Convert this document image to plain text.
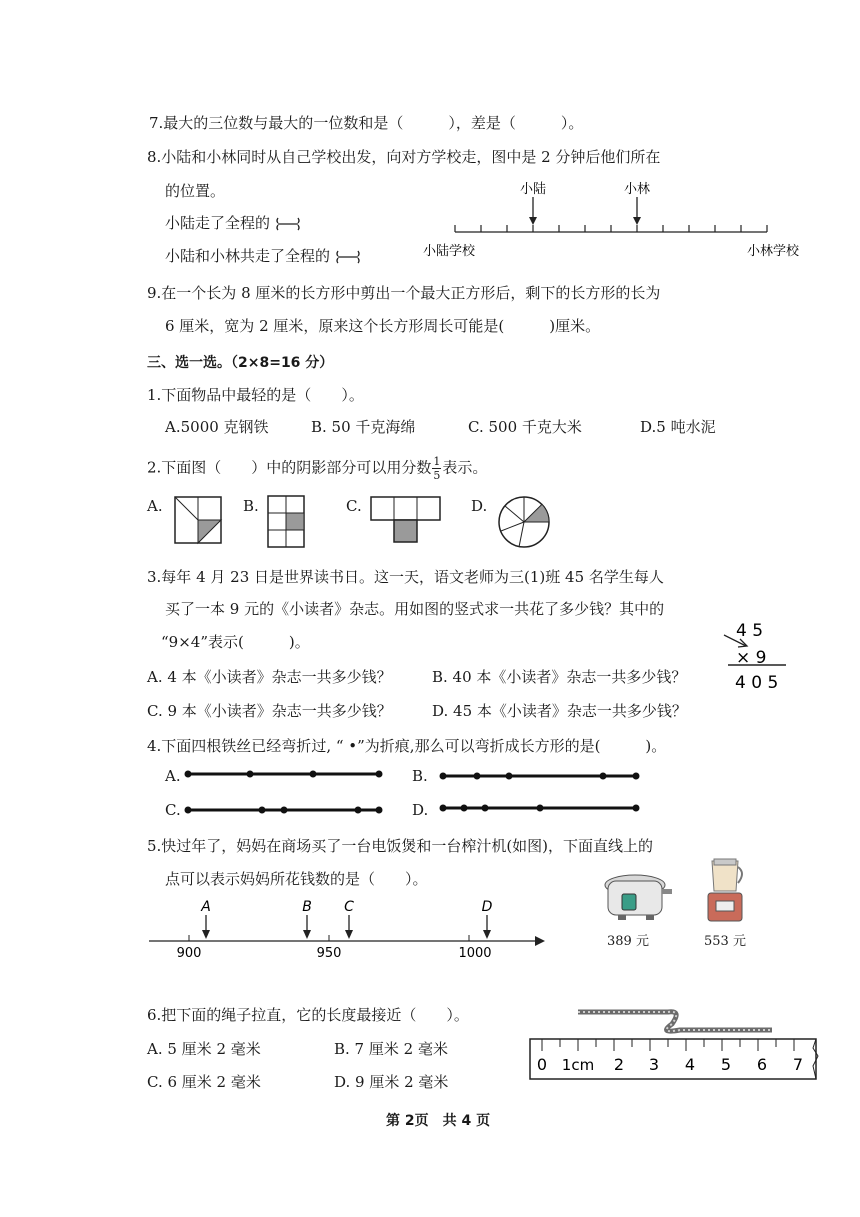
7.最大的三位数与最大的一位数和是（　　　），差是（　　　）。
8.小陆和小林同时从自己学校出发，向对方学校走，图中是 2 分钟后他们所在
的位置。
小陆走了全程的
小陆和小林共走了全程的
小陆	小林
小陆学校	小林学校
9.在一个长为 8 厘米的长方形中剪出一个最大正方形后，剩下的长方形的长为
6 厘米，宽为 2 厘米，原来这个长方形周长可能是(　　　)厘米。
三、选一选。（2×8=16 分）
1.下面物品中最轻的是（　　）。
A.5000 克钢铁	B. 50 千克海绵	C. 500 千克大米	D.5 吨水泥
2.下面图（　　）中的阴影部分可以用分数 $\frac{1}{5}$ 表示。
A.	B.	C.	D.
3.每年 4 月 23 日是世界读书日。这一天，语文老师为三(1)班 45 名学生每人
买了一本 9 元的《小读者》杂志。用如图的竖式求一共花了多少钱？其中的
“9×4”表示(　　　)。
A. 4 本《小读者》杂志一共多少钱？	B. 40 本《小读者》杂志一共多少钱？
C. 9 本《小读者》杂志一共多少钱？	D. 45 本《小读者》杂志一共多少钱？
4 5
× 9
4 0 5
4.下面四根铁丝已经弯折过, “ •”为折痕,那么可以弯折成长方形的是(　　　)。
A.	B.
C.	D.
5.快过年了，妈妈在商场买了一台电饭煲和一台榨汁机(如图)，下面直线上的
点可以表示妈妈所花钱数的是（　　）。
900	950	1000
A	B C	D
389 元	553 元
6.把下面的绳子拉直，它的长度最接近（　　）。
A. 5 厘米 2 毫米	B. 7 厘米 2 毫米
C. 6 厘米 2 毫米	D. 9 厘米 2 毫米
0 1cm 2 3 4 5 6 7
第 2页　共 4 页
